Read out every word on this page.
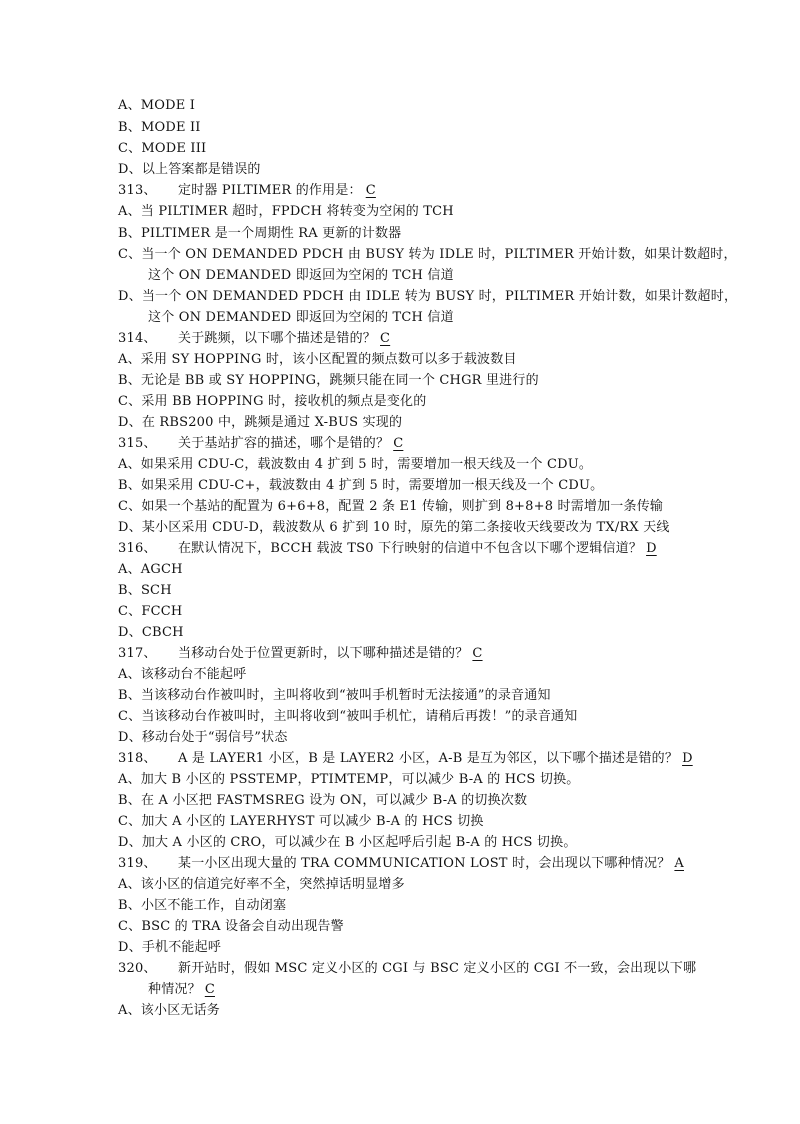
A、MODE I
B、MODE II
C、MODE III
D、以上答案都是错误的
313、 定时器 PILTIMER 的作用是： C
A、当 PILTIMER 超时，FPDCH 将转变为空闲的 TCH
B、PILTIMER 是一个周期性 RA 更新的计数器
C、当一个 ON DEMANDED PDCH 由 BUSY 转为 IDLE 时，PILTIMER 开始计数，如果计数超时，
这个 ON DEMANDED 即返回为空闲的 TCH 信道
D、当一个 ON DEMANDED PDCH 由 IDLE 转为 BUSY 时，PILTIMER 开始计数，如果计数超时，
这个 ON DEMANDED 即返回为空闲的 TCH 信道
314、 关于跳频，以下哪个描述是错的？ C
A、采用 SY HOPPING 时，该小区配置的频点数可以多于载波数目
B、无论是 BB 或 SY HOPPING，跳频只能在同一个 CHGR 里进行的
C、采用 BB HOPPING 时，接收机的频点是变化的
D、在 RBS200 中，跳频是通过 X-BUS 实现的
315、 关于基站扩容的描述，哪个是错的？ C
A、如果采用 CDU-C，载波数由 4 扩到 5 时，需要增加一根天线及一个 CDU。
B、如果采用 CDU-C+，载波数由 4 扩到 5 时，需要增加一根天线及一个 CDU。
C、如果一个基站的配置为 6+6+8，配置 2 条 E1 传输，则扩到 8+8+8 时需增加一条传输
D、某小区采用 CDU-D，载波数从 6 扩到 10 时，原先的第二条接收天线要改为 TX/RX 天线
316、 在默认情况下，BCCH 载波 TS0 下行映射的信道中不包含以下哪个逻辑信道？ D
A、AGCH
B、SCH
C、FCCH
D、CBCH
317、 当移动台处于位置更新时，以下哪种描述是错的？ C
A、该移动台不能起呼
B、当该移动台作被叫时，主叫将收到“被叫手机暂时无法接通”的录音通知
C、当该移动台作被叫时，主叫将收到“被叫手机忙，请稍后再拨！”的录音通知
D、移动台处于“弱信号”状态
318、 A 是 LAYER1 小区，B 是 LAYER2 小区，A-B 是互为邻区，以下哪个描述是错的？ D
A、加大 B 小区的 PSSTEMP，PTIMTEMP，可以减少 B-A 的 HCS 切换。
B、在 A 小区把 FASTMSREG 设为 ON，可以减少 B-A 的切换次数
C、加大 A 小区的 LAYERHYST 可以减少 B-A 的 HCS 切换
D、加大 A 小区的 CRO，可以减少在 B 小区起呼后引起 B-A 的 HCS 切换。
319、 某一小区出现大量的 TRA COMMUNICATION LOST 时，会出现以下哪种情况？ A
A、该小区的信道完好率不全，突然掉话明显增多
B、小区不能工作，自动闭塞
C、BSC 的 TRA 设备会自动出现告警
D、手机不能起呼
320、 新开站时，假如 MSC 定义小区的 CGI 与 BSC 定义小区的 CGI 不一致，会出现以下哪
种情况？ C
A、该小区无话务
